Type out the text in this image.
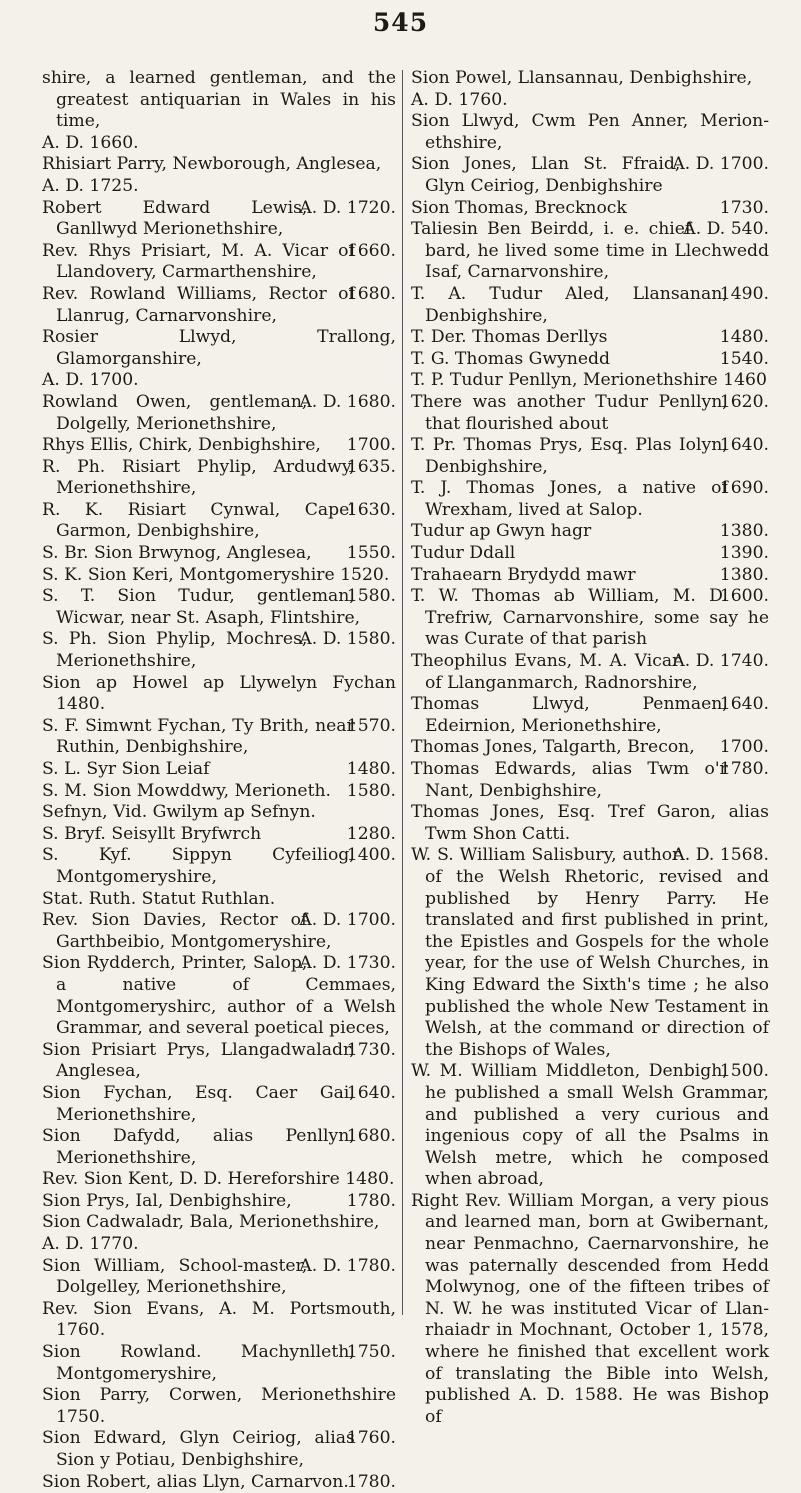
545
shire, a learned gentleman, and the greatest antiquarian in Wales in his time,
A. D. 1660.
Rhisiart Parry, Newborough, Anglesea,
A. D. 1725.
A. D. 1720.
Robert Edward Lewis, Ganllwyd Merionethshire,
1660.
Rev. Rhys Prisiart, M. A. Vicar of Llandovery, Carmarthenshire,
1680.
Rev. Rowland Williams, Rector of Llanrug, Carnarvonshire,
Rosier Llwyd, Trallong, Glamorganshire,
A. D. 1700.
A. D. 1680.
Rowland Owen, gentleman, Dolgelly, Merionethshire,
1700.
Rhys Ellis, Chirk, Denbighshire,
1635.
R. Ph. Risiart Phylip, Ardudwy, Merionethshire,
1630.
R. K. Risiart Cynwal, Capel Garmon, Denbighshire,
1550.
S. Br. Sion Brwynog, Anglesea,
S. K. Sion Keri, Montgomeryshire 1520.
1580.
S. T. Sion Tudur, gentleman, Wicwar, near St. Asaph, Flintshire,
A. D. 1580.
S. Ph. Sion Phylip, Mochres, Merionethshire,
Sion ap Howel ap Llywelyn Fychan 1480.
1570.
S. F. Simwnt Fychan, Ty Brith, near Ruthin, Denbighshire,
1480.
S. L. Syr Sion Leiaf
1580.
S. M. Sion Mowddwy, Merioneth.
Sefnyn, Vid. Gwilym ap Sefnyn.
1280.
S. Bryf. Seisyllt Bryfwrch
1400.
S. Kyf. Sippyn Cyfeiliog, Montgomeryshire,
Stat. Ruth. Statut Ruthlan.
A. D. 1700.
Rev. Sion Davies, Rector of Garthbeibio, Montgomeryshire,
A. D. 1730.
Sion Rydderch, Printer, Salop, a native of Cemmaes, Montgomeryshirc, author of a Welsh Grammar, and several poetical pieces,
1730.
Sion Prisiart Prys, Llangadwaladr, Anglesea,
1640.
Sion Fychan, Esq. Caer Gai, Merionethshire,
1680.
Sion Dafydd, alias Penllyn, Merionethshire,
Rev. Sion Kent, D. D. Hereforshire 1480.
1780.
Sion Prys, Ial, Denbighshire,
Sion Cadwaladr, Bala, Merionethshire,
A. D. 1770.
A. D. 1780.
Sion William, School-master, Dolgelley, Merionethshire,
Rev. Sion Evans, A. M. Portsmouth, 1760.
1750.
Sion Rowland. Machynlleth, Montgomeryshire,
Sion Parry, Corwen, Merionethshire 1750.
1760.
Sion Edward, Glyn Ceiriog, alias Sion y Potiau, Denbighshire,
1780.
Sion Robert, alias Llyn, Carnarvon.
Sion Powel, Llansannau, Denbighshire,
A. D. 1760.
Sion Llwyd, Cwm Pen Anner, Merionethshire,
A. D. 1700.
Sion Jones, Llan St. Ffraid, Glyn Ceiriog, Denbighshire
1730.
Sion Thomas, Brecknock
A. D. 540.
Taliesin Ben Beirdd, i. e. chief bard, he lived some time in Llechwedd Isaf, Carnarvonshire,
1490.
T. A. Tudur Aled, Llansanan, Denbighshire,
1480.
T. Der. Thomas Derllys
1540.
T. G. Thomas Gwynedd
T. P. Tudur Penllyn, Merionethshire 1460
1620.
There was another Tudur Penllyn, that flourished about
1640.
T. Pr. Thomas Prys, Esq. Plas Iolyn, Denbighshire,
1690.
T. J. Thomas Jones, a native of Wrexham, lived at Salop.
1380.
Tudur ap Gwyn hagr
1390.
Tudur Ddall
1380.
Trahaearn Brydydd mawr
1600.
T. W. Thomas ab William, M. D. Trefriw, Carnarvonshire, some say he was Curate of that parish
A. D. 1740.
Theophilus Evans, M. A. Vicar of Llanganmarch, Radnorshire,
1640.
Thomas Llwyd, Penmaen, Edeirnion, Merionethshire,
1700.
Thomas Jones, Talgarth, Brecon,
1780.
Thomas Edwards, alias Twm o'r Nant, Denbighshire,
Thomas Jones, Esq. Tref Garon, alias Twm Shon Catti.
A. D. 1568.
W. S. William Salisbury, author of the Welsh Rhetoric, revised and published by Henry Parry. He translated and first published in print, the Epistles and Gospels for the whole year, for the use of Welsh Churches, in King Edward the Sixth's time ; he also published the whole New Testament in Welsh, at the command or direction of the Bishops of Wales,
1500.
W. M. William Middleton, Denbigh, he published a small Welsh Grammar, and published a very curious and ingenious copy of all the Psalms in Welsh metre, which he composed when abroad,
Right Rev. William Morgan, a very pious and learned man, born at Gwibernant, near Penmachno, Caernarvonshire, he was paternally descended from Hedd Molwynog, one of the fifteen tribes of N. W. he was instituted Vicar of Llanrhaiadr in Mochnant, October 1, 1578, where he finished that excellent work of translating the Bible into Welsh, published A. D. 1588. He was Bishop of
